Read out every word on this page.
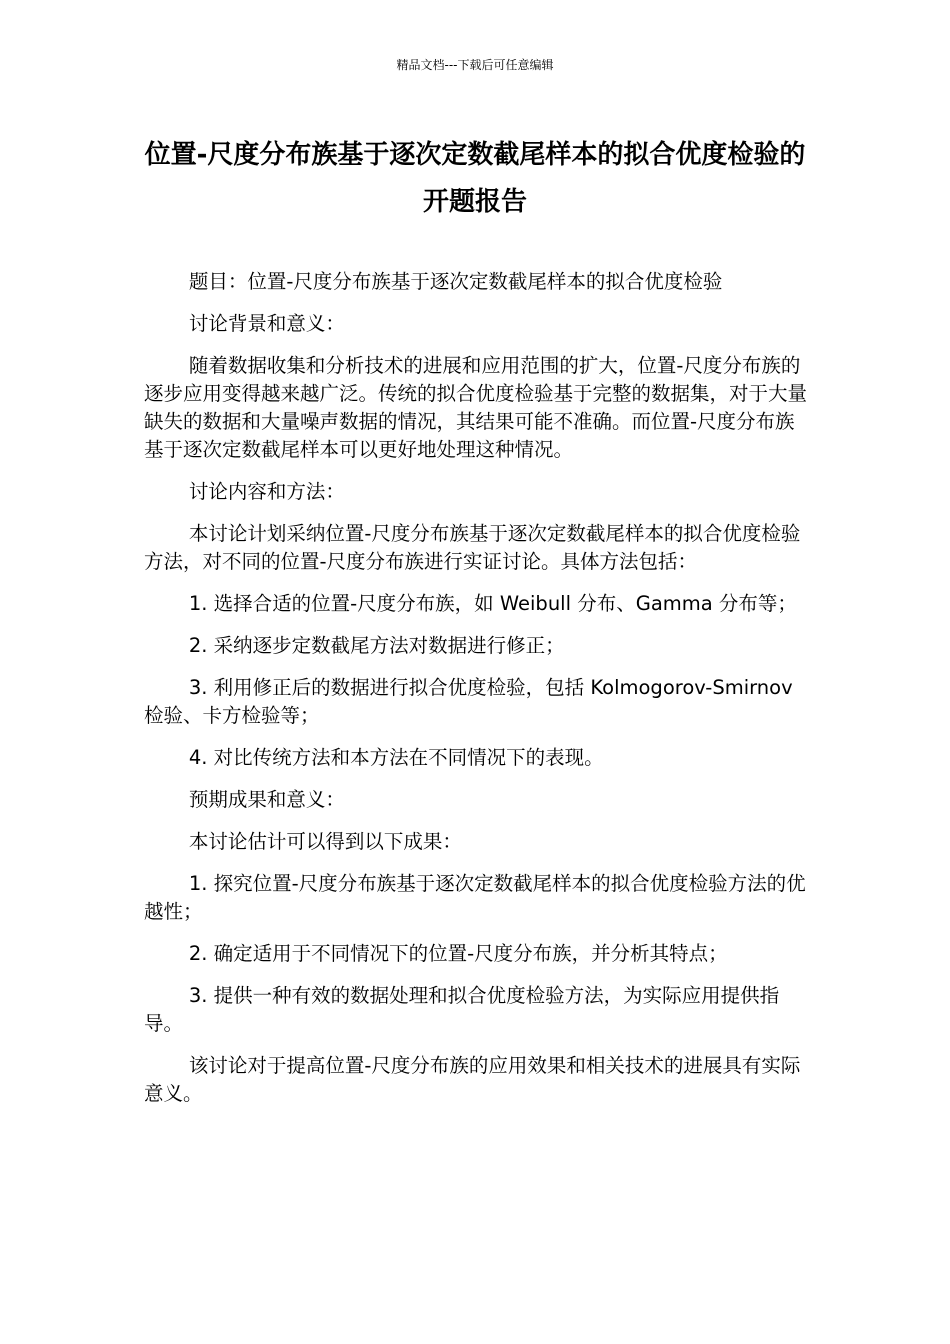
精品文档---下载后可任意编辑
位置-尺度分布族基于逐次定数截尾样本的拟合优度检验的开题报告

题目：位置-尺度分布族基于逐次定数截尾样本的拟合优度检验

讨论背景和意义：

随着数据收集和分析技术的进展和应用范围的扩大，位置-尺度分布族的逐步应用变得越来越广泛。传统的拟合优度检验基于完整的数据集，对于大量缺失的数据和大量噪声数据的情况，其结果可能不准确。而位置-尺度分布族基于逐次定数截尾样本可以更好地处理这种情况。

讨论内容和方法：

本讨论计划采纳位置-尺度分布族基于逐次定数截尾样本的拟合优度检验方法，对不同的位置-尺度分布族进行实证讨论。具体方法包括：

1. 选择合适的位置-尺度分布族，如 Weibull 分布、Gamma 分布等；

2. 采纳逐步定数截尾方法对数据进行修正；

3. 利用修正后的数据进行拟合优度检验，包括 Kolmogorov-Smirnov 检验、卡方检验等；

4. 对比传统方法和本方法在不同情况下的表现。

预期成果和意义：

本讨论估计可以得到以下成果：

1. 探究位置-尺度分布族基于逐次定数截尾样本的拟合优度检验方法的优越性；

2. 确定适用于不同情况下的位置-尺度分布族，并分析其特点；

3. 提供一种有效的数据处理和拟合优度检验方法，为实际应用提供指导。

该讨论对于提高位置-尺度分布族的应用效果和相关技术的进展具有实际意义。
